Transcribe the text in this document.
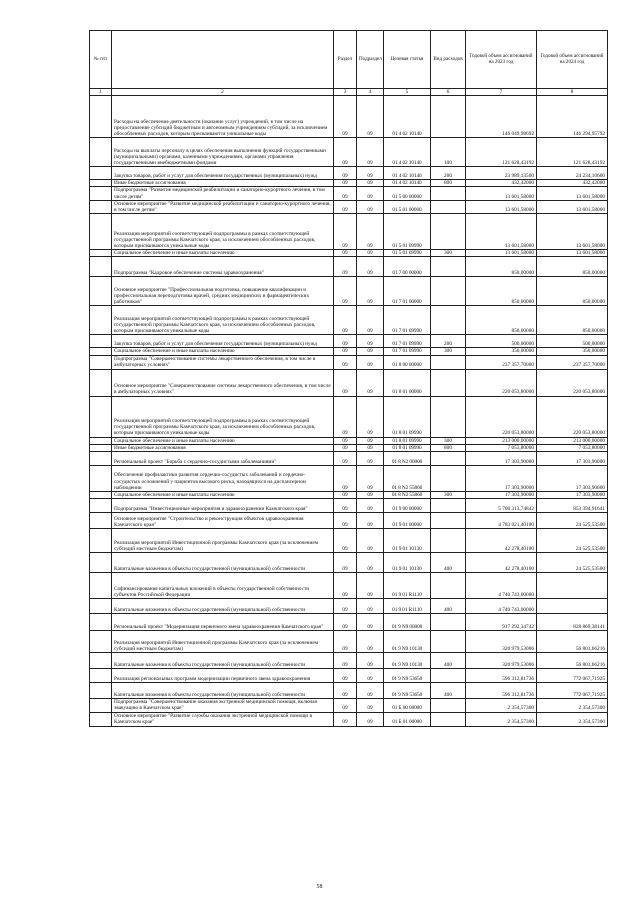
№ п/п		Раздел	Подраздел	Целевая статья	Вид расходов	Годовой объем ассигнований на 2023 год	Годовой объем ассигнований на 2024 год
1	2	3	4	5	6	7	8
	Расходы на обеспечение деятельности (оказание услуг) учреждений, в том числе на предоставление субсидий бюджетным и автономным учреждениям субсидий, за исключением обособленных расходов, которым присваиваются уникальные коды	09	09	01 4 02 10140		146 049,98692	146 294,95792
	Расходы на выплаты персоналу в целях обеспечения выполнения функций государственными (муниципальными) органами, казенными учреждениями, органами управления государственными внебюджетными фондами	09	09	01 4 02 10140	100	121 628,43192	121 628,43192
	Закупка товаров, работ и услуг для обеспечения государственных (муниципальных) нужд	09	09	01 4 02 10140	200	23 989,13500	24 234,10600
	Иные бюджетные ассигнования	09	09	01 4 02 10140	800	432,42000	432,42000
	Подпрограмма "Развитие медицинской реабилитации и санаторно-курортного лечения, в том числе детям"	09	09	01 5 00 00000		13 601,58000	13 601,58000
	Основное мероприятие "Развитие медицинской реабилитации и санаторно-курортного лечения, в том числе детям"	09	09	01 5 01 00000		13 601,58000	13 601,58000
	Реализация мероприятий соответствующей подпрограммы в рамках соответствующей государственной программы Камчатского края, за исключением обособленных расходов, которым присваиваются уникальные коды	09	09	01 5 01 09990		13 601,58000	13 601,58000
	Социальное обеспечение и иные выплаты населению	09	09	01 5 01 09990	300	13 601,58000	13 601,58000
	Подпрограмма "Кадровое обеспечение системы здравоохранения"	09	09	01 7 00 00000		850,00000	850,00000
	Основное мероприятие "Профессиональная подготовка, повышение квалификации и профессиональная переподготовка врачей, средних медицинских и фармацевтических работников"	09	09	01 7 01 00000		850,00000	850,00000
	Реализация мероприятий соответствующей подпрограммы в рамках соответствующей государственной программы Камчатского края, за исключением обособленных расходов, которым присваиваются уникальные коды	09	09	01 7 01 09990		850,00000	850,00000
	Закупка товаров, работ и услуг для обеспечения государственных (муниципальных) нужд	09	09	01 7 01 09990	200	500,00000	500,00000
	Социальное обеспечение и иные выплаты населению	09	09	01 7 01 09990	300	350,00000	350,00000
	Подпрограмма "Совершенствование системы лекарственного обеспечения, в том числе в амбулаторных условиях"	09	09	01 8 00 00000		237 357,70000	237 357,70000
	Основное мероприятие "Совершенствование системы лекарственного обеспечения, в том числе в амбулаторных условиях"	09	09	01 8 01 00000		220 053,80000	220 053,80000
	Реализация мероприятий соответствующей подпрограммы в рамках соответствующей государственной программы Камчатского края, за исключением обособленных расходов, которым присваиваются уникальные коды	09	09	01 8 01 09990		220 053,80000	220 053,80000
	Социальное обеспечение и иные выплаты населению	09	09	01 8 01 09990	300	213 000,00000	213 000,00000
	Иные бюджетные ассигнования	09	09	01 8 01 09990	800	7 053,80000	7 053,80000
	Региональный проект "Борьба с сердечно-сосудистыми заболеваниями"	09	09	01 8 N2 00000		17 303,90000	17 303,90000
	Обеспечение профилактики развития сердечно-сосудистых заболеваний и сердечно-сосудистых осложнений у пациентов высокого риска, находящихся на диспансерном наблюдении	09	09	01 8 N2 55860		17 303,90000	17 303,90000
	Социальное обеспечение и иные выплаты населению	09	09	01 8 N2 55860	300	17 303,90000	17 303,90000
	Подпрограмма "Инвестиционные мероприятия в здравоохранении Камчатского края"	09	09	01 9 00 00000		5 700 313,74842	853 394,91641
	Основное мероприятие "Строительство и реконструкция объектов здравоохранения Камчатского края"	09	09	01 9 01 00000		4 783 021,40100	24 525,53500
	Реализация мероприятий Инвестиционной программы Камчатского края (за исключением субсидий местным бюджетам)	09	09	01 9 01 10130		42 278,40100	24 525,53500
	Капитальные вложения в объекты государственной (муниципальной) собственности	09	09	01 9 01 10130	400	42 278,40100	24 525,53500
	Софинансирование капитальных вложений в объекты государственной собственности субъектов Российской Федерации	09	09	01 9 01 R1110		4 740 743,00000	
	Капитальные вложения в объекты государственной (муниципальной) собственности	09	09	01 9 01 R1110	400	4 740 743,00000	
	Региональный проект "Модернизация первичного звена здравоохранения Камчатского края"	09	09	01 9 N9 00000		917 292,34742	828 869,38141
	Реализация мероприятий Инвестиционной программы Камчатского края (за исключением субсидий местным бюджетам)	09	09	01 9 N9 10130		320 979,53006	56 801,66216
	Капитальные вложения в объекты государственной (муниципальной) собственности	09	09	01 9 N9 10130	400	320 979,53006	56 801,66216
	Реализация региональных программ модернизации первичного звена здравоохранения	09	09	01 9 N9 53650		596 312,81736	772 067,71925
	Капитальные вложения в объекты государственной (муниципальной) собственности	09	09	01 9 N9 53650	400	596 312,81736	772 067,71925
	Подпрограмма "Совершенствование оказания экстренной медицинской помощи, включая эвакуацию в Камчатском крае"	09	09	01 Б 00 00000		2 354,57300	2 354,57300
	Основное мероприятие "Развитие службы оказания экстренной медицинской помощи в Камчатском крае"	09	09	01 Б 01 00000		2 354,57300	2 354,57300
58
